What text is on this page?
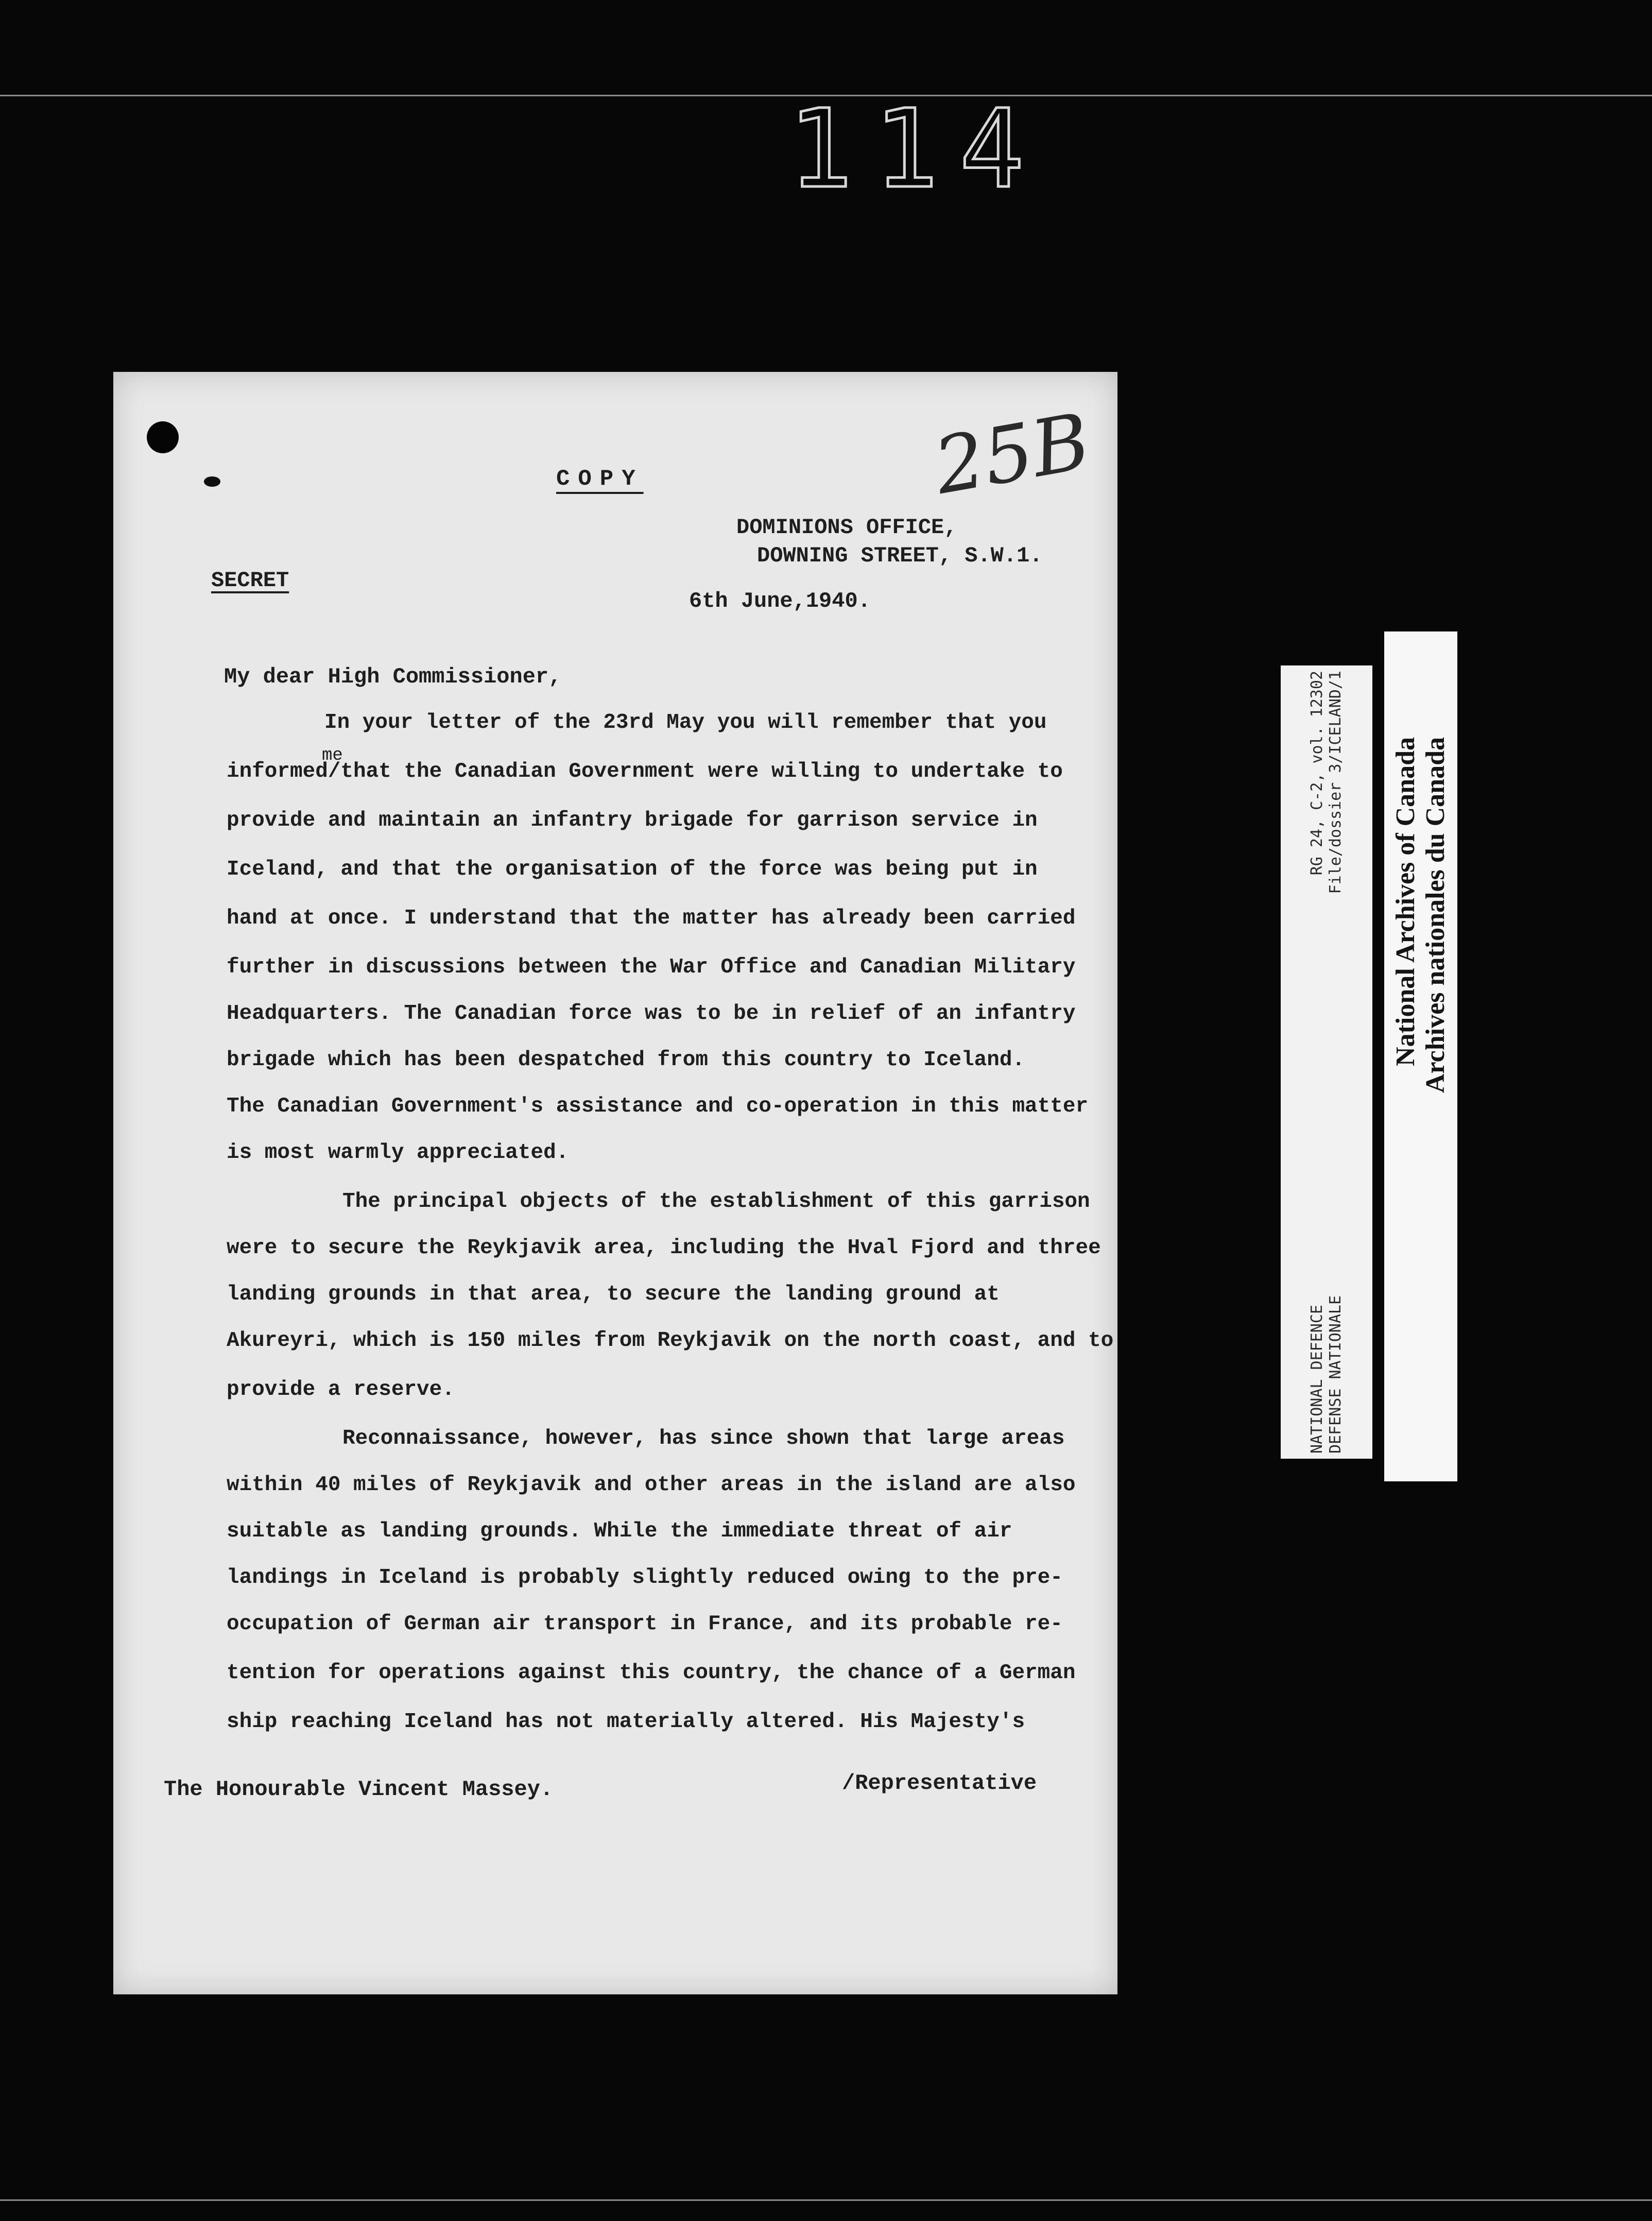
114
COPY	25B
DOMINIONS OFFICE,
DOWNING STREET, S.W.1.
SECRET
6th June,1940.
My dear High Commissioner,
me
In your letter of the 23rd May you will remember that you
informed/that the Canadian Government were willing to undertake to
provide and maintain an infantry brigade for garrison service in
Iceland, and that the organisation of the force was being put in
hand at once. I understand that the matter has already been carried
further in discussions between the War Office and Canadian Military
Headquarters. The Canadian force was to be in relief of an infantry
brigade which has been despatched from this country to Iceland.
The Canadian Government's assistance and co-operation in this matter
is most warmly appreciated.
The principal objects of the establishment of this garrison
were to secure the Reykjavik area, including the Hval Fjord and three
landing grounds in that area, to secure the landing ground at
Akureyri, which is 150 miles from Reykjavik on the north coast, and to
provide a reserve.
Reconnaissance, however, has since shown that large areas
within 40 miles of Reykjavik and other areas in the island are also
suitable as landing grounds. While the immediate threat of air
landings in Iceland is probably slightly reduced owing to the pre-
occupation of German air transport in France, and its probable re-
tention for operations against this country, the chance of a German
ship reaching Iceland has not materially altered. His Majesty's
The Honourable Vincent Massey.	/Representative
NATIONAL DEFENCE
RG 24, C-2, vol. 12302
DEFENSE NATIONALE
File/dossier 3/ICELAND/1 National Archives of Canada Archives nationales du Canada
